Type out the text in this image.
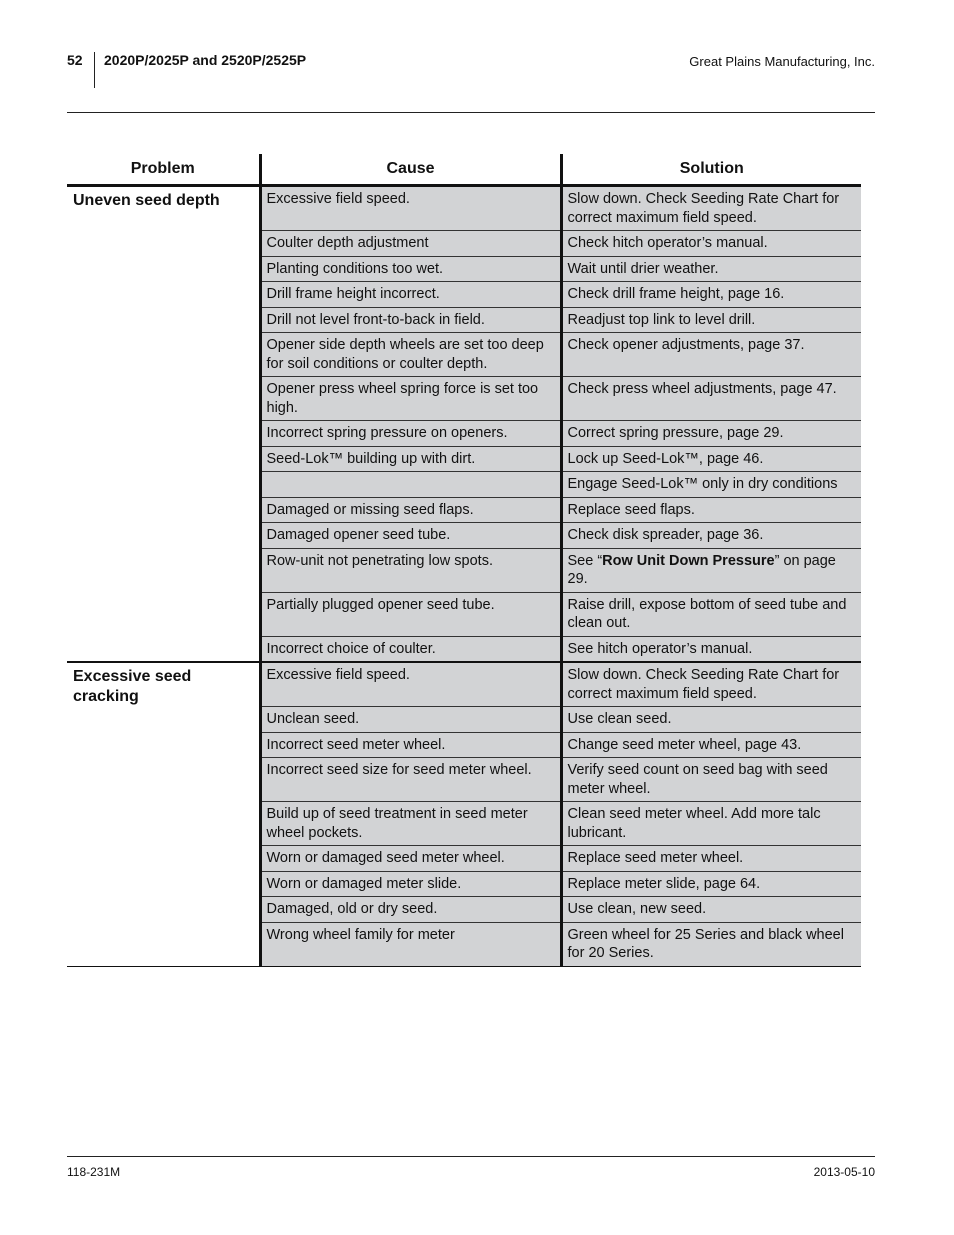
52 2020P/2025P and 2520P/2525P	Great Plains Manufacturing, Inc.
Problem	Cause	Solution
Uneven seed depth	Excessive field speed.	Slow down. Check Seeding Rate Chart for correct maximum field speed.
	Coulter depth adjustment	Check hitch operator’s manual.
	Planting conditions too wet.	Wait until drier weather.
	Drill frame height incorrect.	Check drill frame height, page 16.
	Drill not level front-to-back in field.	Readjust top link to level drill.
	Opener side depth wheels are set too deep for soil conditions or coulter depth.	Check opener adjustments, page 37.
	Opener press wheel spring force is set too high.	Check press wheel adjustments, page 47.
	Incorrect spring pressure on openers.	Correct spring pressure, page 29.
	Seed-Lok™ building up with dirt.	Lock up Seed-Lok™, page 46.
		Engage Seed-Lok™ only in dry conditions
	Damaged or missing seed flaps.	Replace seed flaps.
	Damaged opener seed tube.	Check disk spreader, page 36.
	Row-unit not penetrating low spots.	See “Row Unit Down Pressure” on page 29.
	Partially plugged opener seed tube.	Raise drill, expose bottom of seed tube and clean out.
	Incorrect choice of coulter.	See hitch operator’s manual.
Excessive seed cracking	Excessive field speed.	Slow down. Check Seeding Rate Chart for correct maximum field speed.
	Unclean seed.	Use clean seed.
	Incorrect seed meter wheel.	Change seed meter wheel, page 43.
	Incorrect seed size for seed meter wheel.	Verify seed count on seed bag with seed meter wheel.
	Build up of seed treatment in seed meter wheel pockets.	Clean seed meter wheel. Add more talc lubricant.
	Worn or damaged seed meter wheel.	Replace seed meter wheel.
	Worn or damaged meter slide.	Replace meter slide, page 64.
	Damaged, old or dry seed.	Use clean, new seed.
	Wrong wheel family for meter	Green wheel for 25 Series and black wheel for 20 Series.
118-231M	2013-05-10
